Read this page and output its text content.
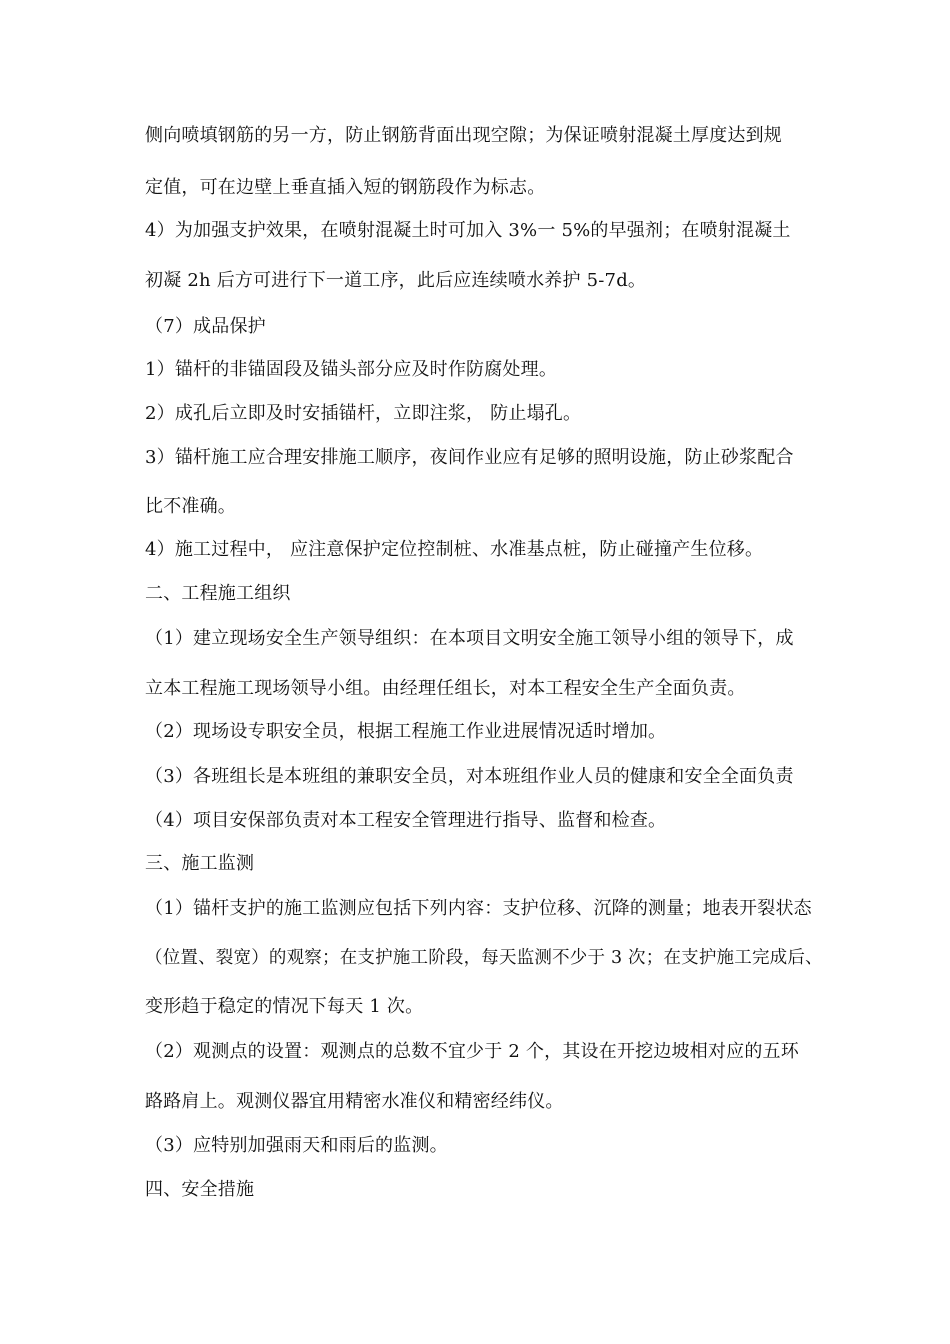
侧向喷填钢筋的另一方，防止钢筋背面出现空隙；为保证喷射混凝土厚度达到规
定值，可在边壁上垂直插入短的钢筋段作为标志。
4）为加强支护效果，在喷射混凝土时可加入 3%一 5%的早强剂；在喷射混凝土
初凝 2h 后方可进行下一道工序，此后应连续喷水养护 5-7d。
（7）成品保护
1）锚杆的非锚固段及锚头部分应及时作防腐处理。
2）成孔后立即及时安插锚杆，立即注浆， 防止塌孔。
3）锚杆施工应合理安排施工顺序，夜间作业应有足够的照明设施，防止砂浆配合
比不准确。
4）施工过程中， 应注意保护定位控制桩、水准基点桩，防止碰撞产生位移。
二、工程施工组织
（1）建立现场安全生产领导组织：在本项目文明安全施工领导小组的领导下，成
立本工程施工现场领导小组。由经理任组长，对本工程安全生产全面负责。
（2）现场设专职安全员，根据工程施工作业进展情况适时增加。
（3）各班组长是本班组的兼职安全员，对本班组作业人员的健康和安全全面负责
（4）项目安保部负责对本工程安全管理进行指导、监督和检查。
三、施工监测
（1）锚杆支护的施工监测应包括下列内容：支护位移、沉降的测量；地表开裂状态
（位置、裂宽）的观察；在支护施工阶段，每天监测不少于 3 次；在支护施工完成后、
变形趋于稳定的情况下每天 1 次。
（2）观测点的设置：观测点的总数不宜少于 2 个，其设在开挖边坡相对应的五环
路路肩上。观测仪器宜用精密水准仪和精密经纬仪。
（3）应特别加强雨天和雨后的监测。
四、安全措施
